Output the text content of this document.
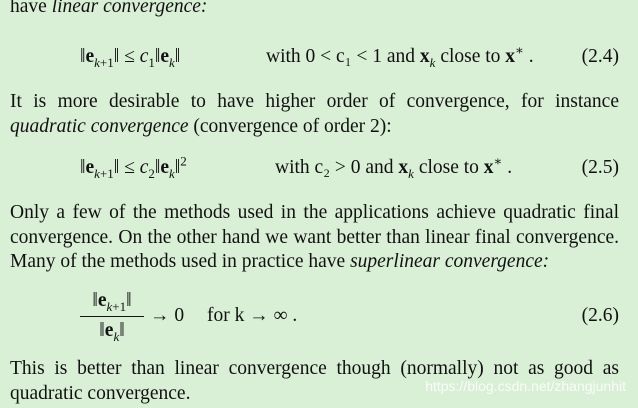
have linear convergence:
$‖e_{k+1}‖$ ≤ $c_1‖e_k‖$	with 0 < c₁ < 1 and $x_k$ close to x∗ . (2.4)
It is more desirable to have higher order of convergence, for instance quadratic convergence (convergence of order 2):
$‖e_{k+1}‖$ ≤ $c_2‖e_k‖^2$	with c₂ > 0 and $x_k$ close to x∗ .	(2.5)
Only a few of the methods used in the applications achieve quadratic final convergence. On the other hand we want better than linear final convergence. Many of the methods used in practice have superlinear convergence:
$‖e_{k+1}‖$
$‖e_k‖$
→ 0 for k → ∞ .	(2.6)
This is better than linear convergence though (normally) not as good as quadratic convergence.	https://blog.csdn.net/zhangjunhit
